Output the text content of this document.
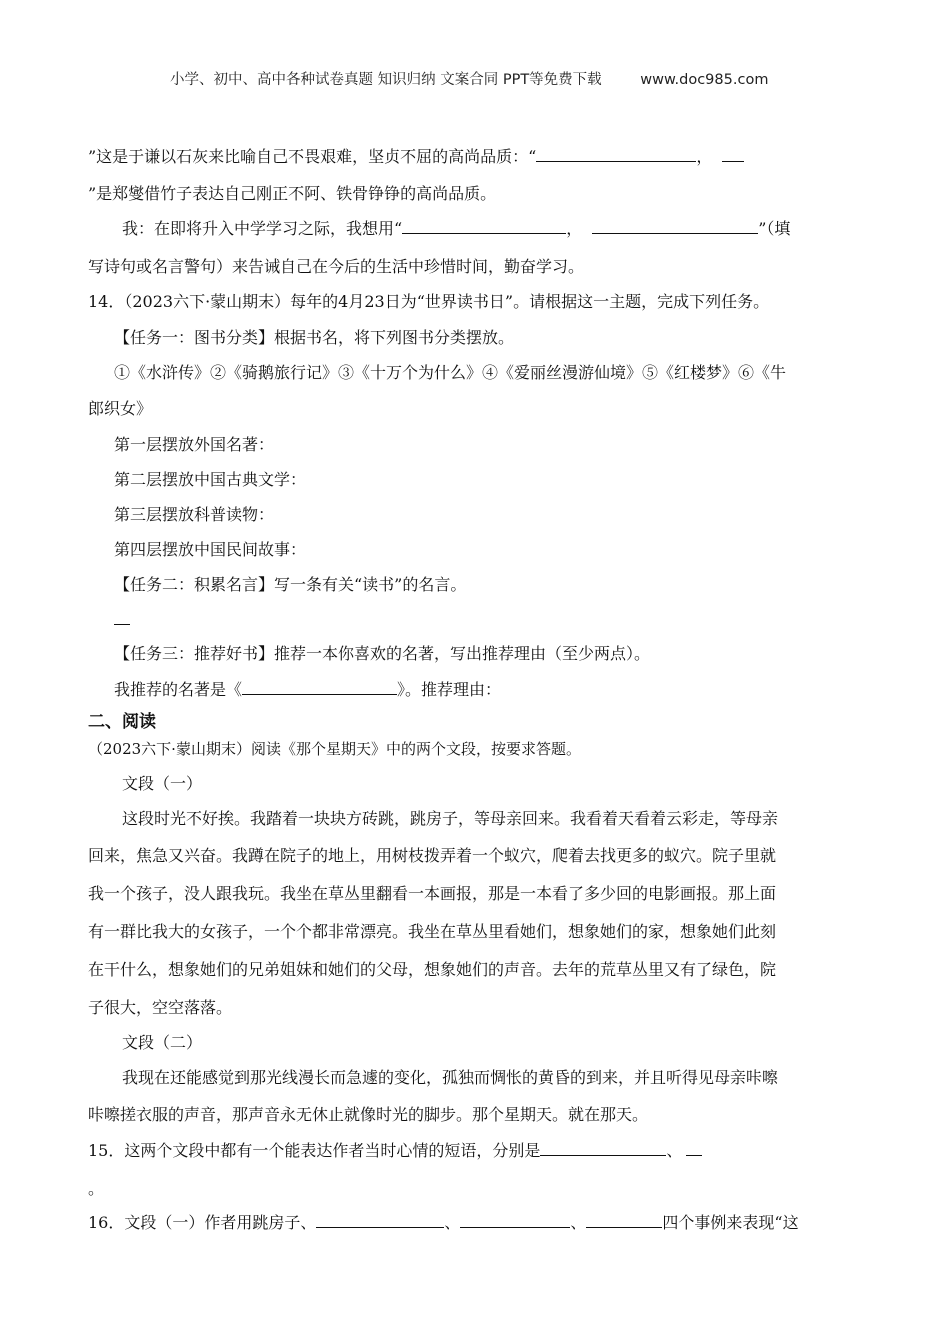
小学、初中、高中各种试卷真题 知识归纳 文案合同 PPT等免费下载	www.doc985.com
”这是于谦以石灰来比喻自己不畏艰难，坚贞不屈的高尚品质：“	，
”是郑燮借竹子表达自己刚正不阿、铁骨铮铮的高尚品质。
我：在即将升入中学学习之际，我想用“	，	”（填
写诗句或名言警句）来告诫自己在今后的生活中珍惜时间，勤奋学习。
14．（2023六下·蒙山期末）每年的4月23日为“世界读书日”。请根据这一主题，完成下列任务。
【任务一：图书分类】根据书名，将下列图书分类摆放。
①《水浒传》②《骑鹅旅行记》③《十万个为什么》④《爱丽丝漫游仙境》⑤《红楼梦》⑥《牛
郎织女》
第一层摆放外国名著：
第二层摆放中国古典文学：
第三层摆放科普读物：
第四层摆放中国民间故事：
【任务二：积累名言】写一条有关“读书”的名言。
【任务三：推荐好书】推荐一本你喜欢的名著，写出推荐理由（至少两点）。
我推荐的名著是《	》。推荐理由：
二、阅读
（2023六下·蒙山期末）阅读《那个星期天》中的两个文段，按要求答题。
文段（一）
这段时光不好挨。我踏着一块块方砖跳，跳房子，等母亲回来。我看着天看着云彩走，等母亲
回来，焦急又兴奋。我蹲在院子的地上，用树枝拨弄着一个蚁穴，爬着去找更多的蚁穴。院子里就
我一个孩子，没人跟我玩。我坐在草丛里翻看一本画报，那是一本看了多少回的电影画报。那上面
有一群比我大的女孩子，一个个都非常漂亮。我坐在草丛里看她们，想象她们的家，想象她们此刻
在干什么，想象她们的兄弟姐妹和她们的父母，想象她们的声音。去年的荒草丛里又有了绿色，院
子很大，空空落落。
文段（二）
我现在还能感觉到那光线漫长而急遽的变化，孤独而惆怅的黄昏的到来，并且听得见母亲咔嚓
咔嚓搓衣服的声音，那声音永无休止就像时光的脚步。那个星期天。就在那天。
15．这两个文段中都有一个能表达作者当时心情的短语，分别是	、
。
16．文段（一）作者用跳房子、	、	、	四个事例来表现“这
